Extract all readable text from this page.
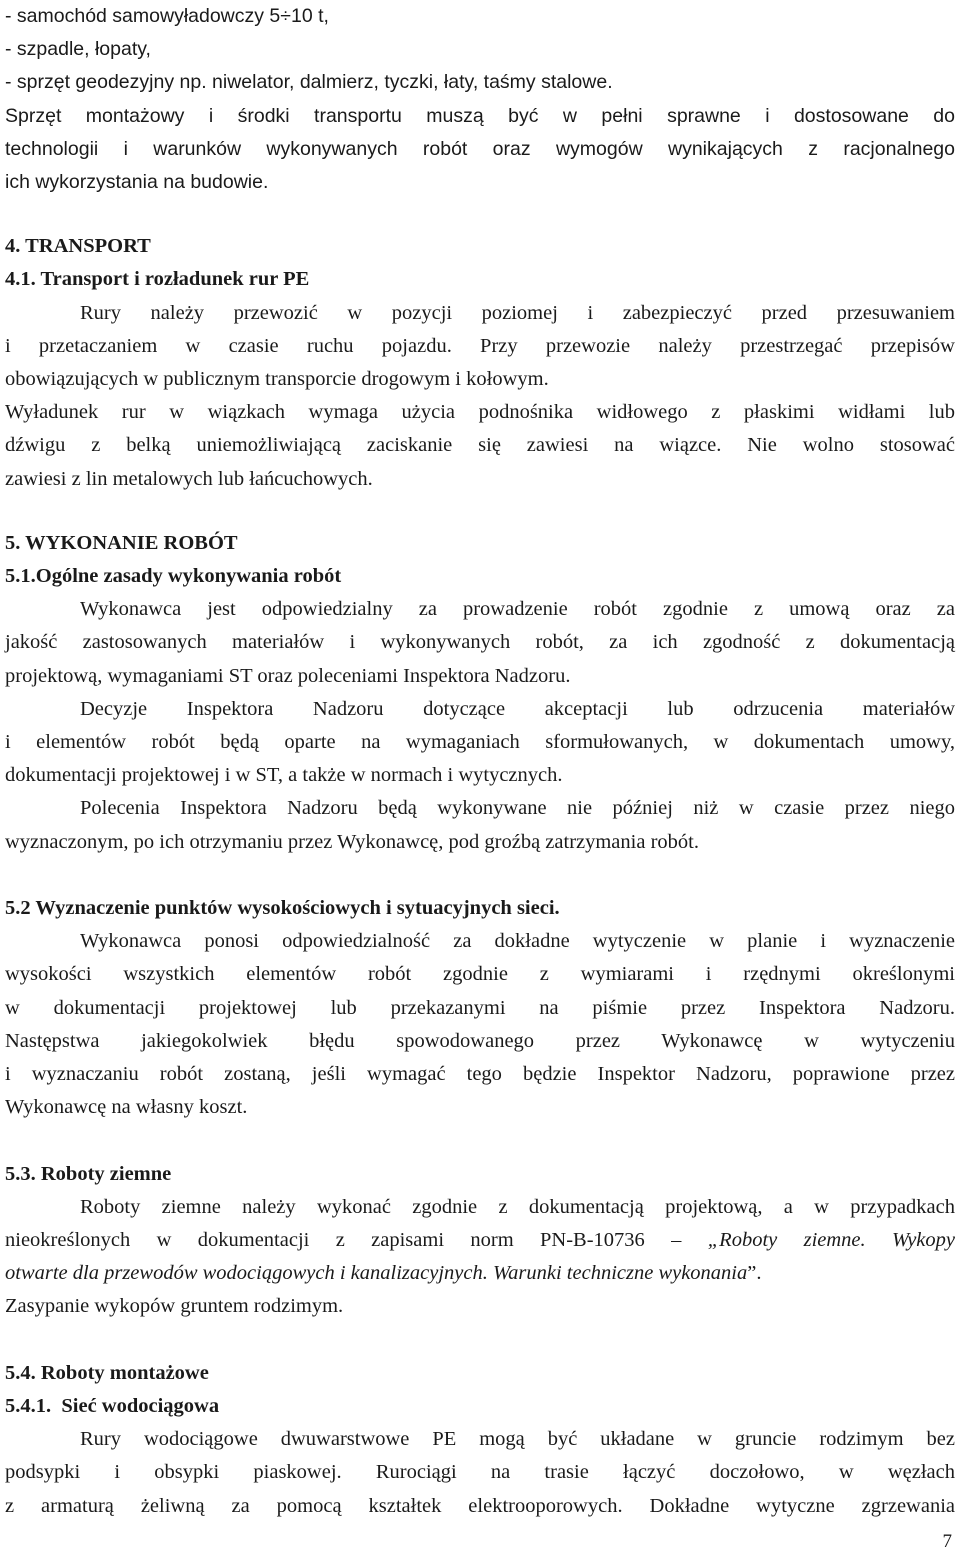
- samochód samowyładowczy 5÷10 t,
- szpadle, łopaty,
- sprzęt geodezyjny np. niwelator, dalmierz, tyczki, łaty, taśmy stalowe.
Sprzęt montażowy i środki transportu muszą być w pełni sprawne i dostosowane do
technologii i warunków wykonywanych robót oraz wymogów wynikających z racjonalnego
ich wykorzystania na budowie.
4. TRANSPORT
4.1. Transport i rozładunek rur PE
Rury należy przewozić w pozycji poziomej i zabezpieczyć przed przesuwaniem
i przetaczaniem w czasie ruchu pojazdu. Przy przewozie należy przestrzegać przepisów
obowiązujących w publicznym transporcie drogowym i kołowym.
Wyładunek rur w wiązkach wymaga użycia podnośnika widłowego z płaskimi widłami lub
dźwigu z belką uniemożliwiającą zaciskanie się zawiesi na wiązce. Nie wolno stosować
zawiesi z lin metalowych lub łańcuchowych.
5. WYKONANIE ROBÓT
5.1.Ogólne zasady wykonywania robót
Wykonawca jest odpowiedzialny za prowadzenie robót zgodnie z umową oraz za
jakość zastosowanych materiałów i wykonywanych robót, za ich zgodność z dokumentacją
projektową, wymaganiami ST oraz poleceniami Inspektora Nadzoru.
Decyzje Inspektora Nadzoru dotyczące akceptacji lub odrzucenia materiałów
i elementów robót będą oparte na wymaganiach sformułowanych, w dokumentach umowy,
dokumentacji projektowej i w ST, a także w normach i wytycznych.
Polecenia Inspektora Nadzoru będą wykonywane nie później niż w czasie przez niego
wyznaczonym, po ich otrzymaniu przez Wykonawcę, pod groźbą zatrzymania robót.
5.2 Wyznaczenie punktów wysokościowych i sytuacyjnych sieci.
Wykonawca ponosi odpowiedzialność za dokładne wytyczenie w planie i wyznaczenie
wysokości wszystkich elementów robót zgodnie z wymiarami i rzędnymi określonymi
w dokumentacji projektowej lub przekazanymi na piśmie przez Inspektora Nadzoru.
Następstwa jakiegokolwiek błędu spowodowanego przez Wykonawcę w wytyczeniu
i wyznaczaniu robót zostaną, jeśli wymagać tego będzie Inspektor Nadzoru, poprawione przez
Wykonawcę na własny koszt.
5.3. Roboty ziemne
Roboty ziemne należy wykonać zgodnie z dokumentacją projektową, a w przypadkach
nieokreślonych w dokumentacji z zapisami norm PN-B-10736 – „Roboty ziemne. Wykopy
otwarte dla przewodów wodociągowych i kanalizacyjnych. Warunki techniczne wykonania”.
Zasypanie wykopów gruntem rodzimym.
5.4. Roboty montażowe
5.4.1.  Sieć wodociągowa
Rury wodociągowe dwuwarstwowe PE mogą być układane w gruncie rodzimym bez
podsypki i obsypki piaskowej. Rurociągi na trasie łączyć doczołowo, w węzłach
z armaturą żeliwną za pomocą kształtek elektrooporowych. Dokładne wytyczne zgrzewania
7
